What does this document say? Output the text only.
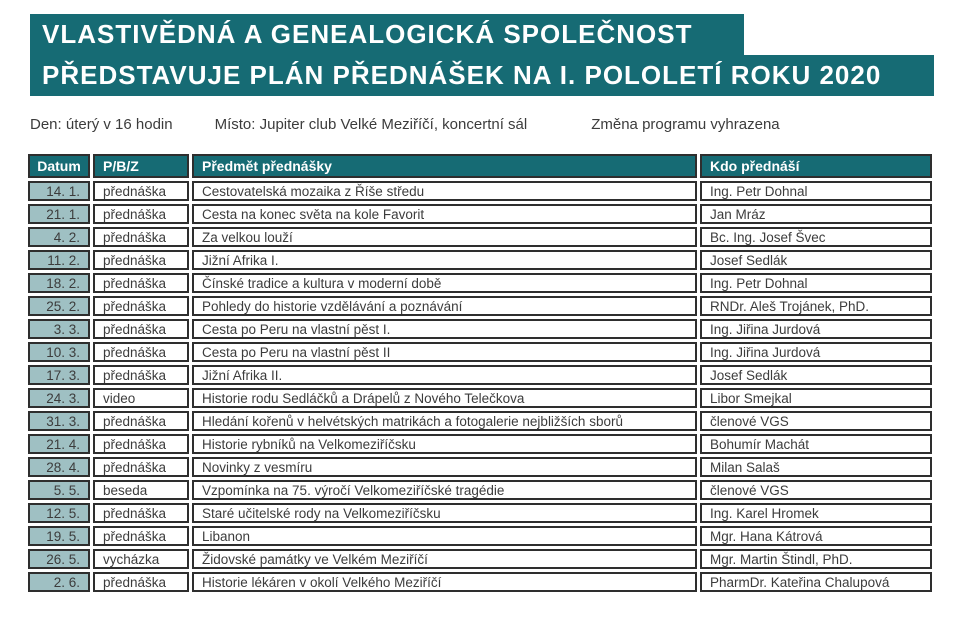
VLASTIVĚDNÁ A GENEALOGICKÁ SPOLEČNOST
PŘEDSTAVUJE PLÁN PŘEDNÁŠEK NA I. POLOLETÍ ROKU 2020
Den: úterý v 16 hodin	Místo: Jupiter club Velké Meziříčí, koncertní sál	Změna programu vyhrazena
Datum	P/B/Z	Předmět přednášky	Kdo přednáší
14. 1.	přednáška	Cestovatelská mozaika z Říše středu	Ing. Petr Dohnal
21. 1.	přednáška	Cesta na konec světa na kole Favorit	Jan Mráz
4. 2.	přednáška	Za velkou louží	Bc. Ing. Josef Švec
11. 2.	přednáška	Jižní Afrika I.	Josef Sedlák
18. 2.	přednáška	Čínské tradice a kultura v moderní době	Ing. Petr Dohnal
25. 2.	přednáška	Pohledy do historie vzdělávání a poznávání	RNDr. Aleš Trojánek, PhD.
3. 3.	přednáška	Cesta po Peru na vlastní pěst I.	Ing. Jiřina Jurdová
10. 3.	přednáška	Cesta po Peru na vlastní pěst II	Ing. Jiřina Jurdová
17. 3.	přednáška	Jižní Afrika II.	Josef Sedlák
24. 3.	video	Historie rodu Sedláčků a Drápelů z Nového Telečkova	Libor Smejkal
31. 3.	přednáška	Hledání kořenů v helvétských matrikách a fotogalerie nejbližších sborů	členové VGS
21. 4.	přednáška	Historie rybníků na Velkomeziříčsku	Bohumír Machát
28. 4.	přednáška	Novinky z vesmíru	Milan Salaš
5. 5.	beseda	Vzpomínka na 75. výročí Velkomeziříčské tragédie	členové VGS
12. 5.	přednáška	Staré učitelské rody na Velkomeziříčsku	Ing. Karel Hromek
19. 5.	přednáška	Libanon	Mgr. Hana Kátrová
26. 5.	vycházka	Židovské památky ve Velkém Meziříčí	Mgr. Martin Štindl, PhD.
2. 6.	přednáška	Historie lékáren v okolí Velkého Meziříčí	PharmDr. Kateřina Chalupová
